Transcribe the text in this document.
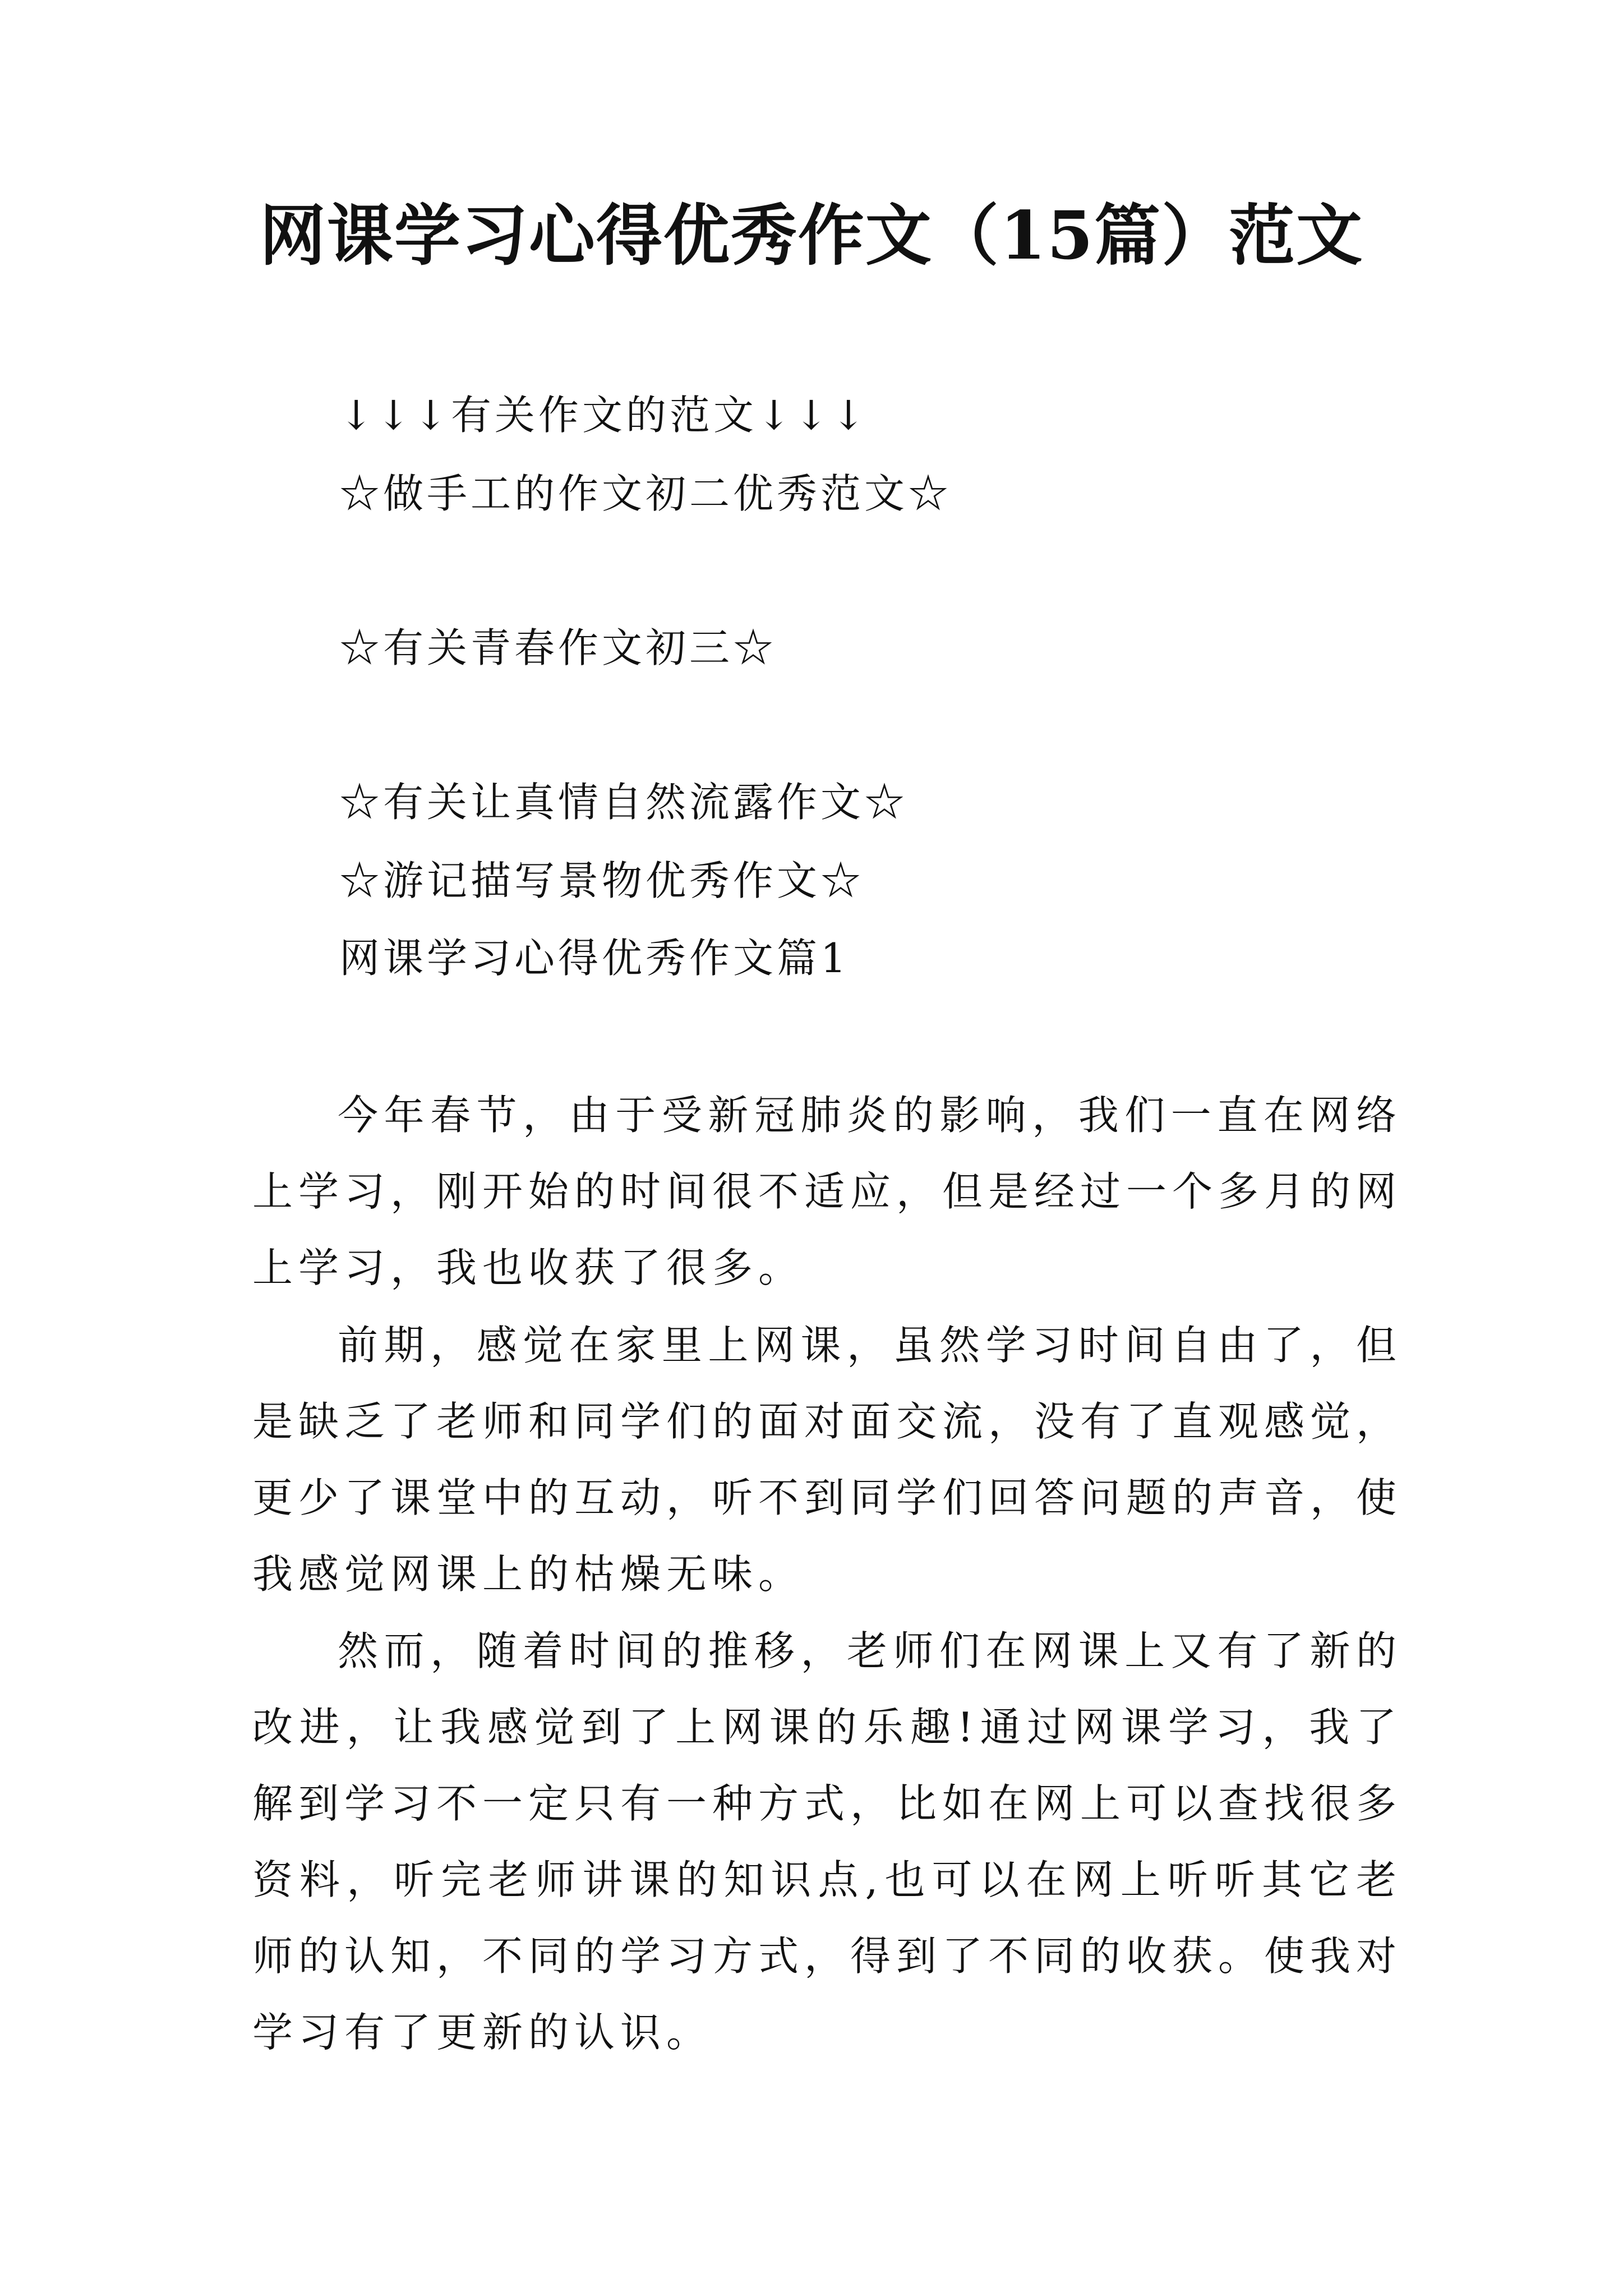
网课学习心得优秀作文（15篇）范文
↓↓↓有关作文的范文↓↓↓
☆做手工的作文初二优秀范文☆
☆有关青春作文初三☆
☆有关让真情自然流露作文☆
☆游记描写景物优秀作文☆
网课学习心得优秀作文篇1
今年春节，由于受新冠肺炎的影响，我们一直在网络上学习，刚开始的时间很不适应，但是经过一个多月的网上学习，我也收获了很多。
前期，感觉在家里上网课，虽然学习时间自由了，但是缺乏了老师和同学们的面对面交流，没有了直观感觉，更少了课堂中的互动，听不到同学们回答问题的声音，使我感觉网课上的枯燥无味。
然而，随着时间的推移，老师们在网课上又有了新的改进，让我感觉到了上网课的乐趣!通过网课学习，我了解到学习不一定只有一种方式，比如在网上可以查找很多资料，听完老师讲课的知识点,也可以在网上听听其它老师的认知，不同的学习方式，得到了不同的收获。使我对学习有了更新的认识。
